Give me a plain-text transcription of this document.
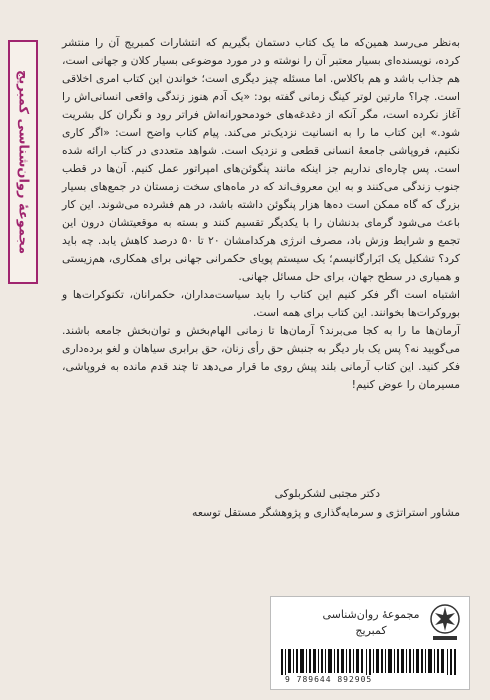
مجموعهٔ روان‌شناسی کمبریج

به‌نظر می‌رسد همین‌که ما یک کتاب دستمان بگیریم که انتشارات کمبریج آن را منتشر کرده، نویسنده‌ای بسیار معتبر آن را نوشته و در مورد موضوعی بسیار کلان و جهانی است، هم جذاب باشد و هم باکلاس. اما مسئله چیز دیگری است؛ خواندن این کتاب امری اخلاقی است. چرا؟ مارتین لوتر کینگ زمانی گفته بود: «یک آدم هنوز زندگی واقعی انسانی‌اش را آغاز نکرده است، مگر آنکه از دغدغه‌های خودمحورانه‌اش فراتر رود و نگران کل بشریت شود.» این کتاب ما را به انسانیت نزدیک‌تر می‌کند. پیام کتاب واضح است: «اگر کاری نکنیم، فروپاشی جامعهٔ انسانی قطعی و نزدیک است. شواهد متعددی در کتاب ارائه شده است. پس چاره‌ای نداریم جز اینکه مانند پنگوئن‌های امپراتور عمل کنیم. آن‌ها در قطب جنوب زندگی می‌کنند و به این معروف‌اند که در ماه‌های سخت زمستان در جمع‌های بسیار بزرگ که گاه ممکن است ده‌ها هزار پنگوئن داشته باشد، در هم فشرده می‌شوند. این کار باعث می‌شود گرمای بدنشان را با یکدیگر تقسیم کنند و بسته به موقعیتشان درون این تجمع و شرایط وزش باد، مصرف انرژی هرکدامشان ۲۰ تا ۵۰ درصد کاهش یابد. چه باید کرد؟ تشکیل یک ابَرارگانیسم؛ یک سیستم پویای حکمرانی جهانی برای همکاری، هم‌زیستی و همیاری در سطح جهان، برای حل مسائل جهانی.

اشتباه است اگر فکر کنیم این کتاب را باید سیاست‌مداران، حکمرانان، تکنوکرات‌ها و بوروکرات‌ها بخوانند. این کتاب برای همه است.

آرمان‌ها ما را به کجا می‌برند؟ آرمان‌ها تا زمانی الهام‌بخش و توان‌بخش جامعه باشند. می‌گویید نه؟ پس یک بار دیگر به جنبش حق رأی زنان، حق برابری سیاهان و لغو برده‌داری فکر کنید. این کتاب آرمانی بلند پیش روی ما قرار می‌دهد تا چند قدم مانده به فروپاشی، مسیرمان را عوض کنیم!

دکتر مجتبی لشکربلوکی
مشاور استراتژی و سرمایه‌گذاری و پژوهشگر مستقل توسعه
مجموعهٔ روان‌شناسی
کمبریج
9 789644 892905
